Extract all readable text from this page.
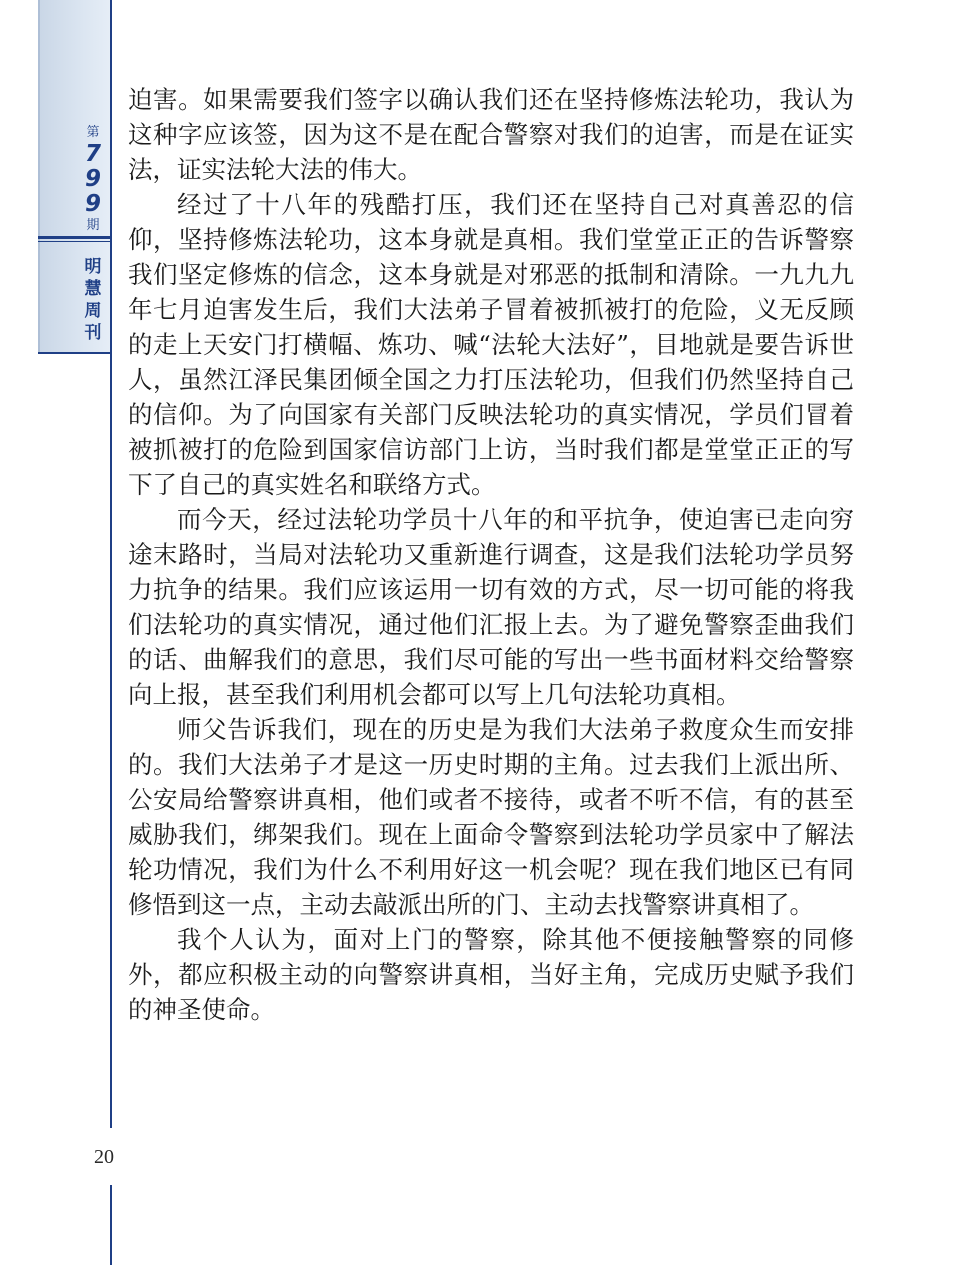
第
7
9
9
期
明
慧
周
刊

迫害。如果需要我们签字以确认我们还在坚持修炼法轮功，我认为这种字应该签，因为这不是在配合警察对我们的迫害，而是在证实法，证实法轮大法的伟大。

经过了十八年的残酷打压，我们还在坚持自己对真善忍的信仰，坚持修炼法轮功，这本身就是真相。我们堂堂正正的告诉警察我们坚定修炼的信念，这本身就是对邪恶的抵制和清除。一九九九年七月迫害发生后，我们大法弟子冒着被抓被打的危险，义无反顾的走上天安门打横幅、炼功、喊“法轮大法好”，目地就是要告诉世人，虽然江泽民集团倾全国之力打压法轮功，但我们仍然坚持自己的信仰。为了向国家有关部门反映法轮功的真实情况，学员们冒着被抓被打的危险到国家信访部门上访，当时我们都是堂堂正正的写下了自己的真实姓名和联络方式。

而今天，经过法轮功学员十八年的和平抗争，使迫害已走向穷途末路时，当局对法轮功又重新進行调查，这是我们法轮功学员努力抗争的结果。我们应该运用一切有效的方式，尽一切可能的将我们法轮功的真实情况，通过他们汇报上去。为了避免警察歪曲我们的话、曲解我们的意思，我们尽可能的写出一些书面材料交给警察向上报，甚至我们利用机会都可以写上几句法轮功真相。

师父告诉我们，现在的历史是为我们大法弟子救度众生而安排的。我们大法弟子才是这一历史时期的主角。过去我们上派出所、公安局给警察讲真相，他们或者不接待，或者不听不信，有的甚至威胁我们，绑架我们。现在上面命令警察到法轮功学员家中了解法轮功情况，我们为什么不利用好这一机会呢？现在我们地区已有同修悟到这一点，主动去敲派出所的门、主动去找警察讲真相了。

我个人认为，面对上门的警察，除其他不便接触警察的同修外，都应积极主动的向警察讲真相，当好主角，完成历史赋予我们的神圣使命。

20
